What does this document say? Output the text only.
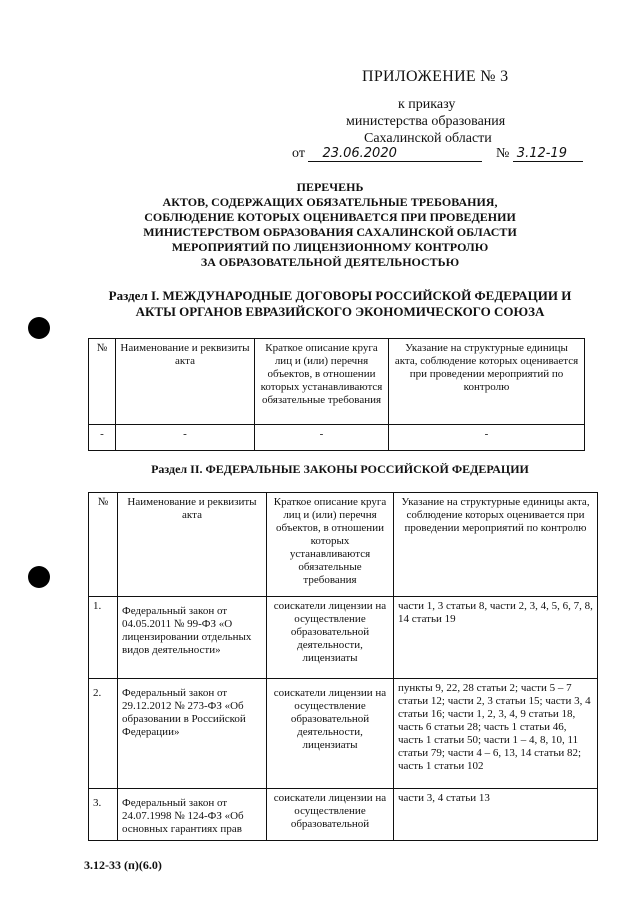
ПРИЛОЖЕНИЕ № 3
к приказу
министерства образования
Сахалинской области
от 23.06.2020	№ 3.12-19
ПЕРЕЧЕНЬ
АКТОВ, СОДЕРЖАЩИХ ОБЯЗАТЕЛЬНЫЕ ТРЕБОВАНИЯ,
СОБЛЮДЕНИЕ КОТОРЫХ ОЦЕНИВАЕТСЯ ПРИ ПРОВЕДЕНИИ
МИНИСТЕРСТВОМ ОБРАЗОВАНИЯ САХАЛИНСКОЙ ОБЛАСТИ
МЕРОПРИЯТИЙ ПО ЛИЦЕНЗИОННОМУ КОНТРОЛЮ
ЗА ОБРАЗОВАТЕЛЬНОЙ ДЕЯТЕЛЬНОСТЬЮ
Раздел I. МЕЖДУНАРОДНЫЕ ДОГОВОРЫ РОССИЙСКОЙ ФЕДЕРАЦИИ И
АКТЫ ОРГАНОВ ЕВРАЗИЙСКОГО ЭКОНОМИЧЕСКОГО СОЮЗА
№	Наименование и реквизиты акта	Краткое описание круга лиц и (или) перечня объектов, в отношении которых устанавливаются обязательные требования	Указание на структурные единицы акта, соблюдение которых оценивается при проведении мероприятий по контролю
-	-	-	-
Раздел II. ФЕДЕРАЛЬНЫЕ ЗАКОНЫ РОССИЙСКОЙ ФЕДЕРАЦИИ
№	Наименование и реквизиты акта	Краткое описание круга лиц и (или) перечня объектов, в отношении которых устанавливаются обязательные требования	Указание на структурные единицы акта, соблюдение которых оценивается при проведении мероприятий по контролю
1.	Федеральный закон от 04.05.2011 № 99-ФЗ «О лицензировании отдельных видов деятельности»	соискатели лицензии на осуществление образовательной деятельности, лицензиаты	части 1, 3 статьи 8, части 2, 3, 4, 5, 6, 7, 8, 14 статьи 19
2.	Федеральный закон от 29.12.2012 № 273-ФЗ «Об образовании в Российской Федерации»	соискатели лицензии на осуществление образовательной деятельности, лицензиаты	пункты 9, 22, 28 статьи 2; части 5 – 7 статьи 12; части 2, 3 статьи 15; части 3, 4 статьи 16; части 1, 2, 3, 4, 9 статьи 18, часть 6 статьи 28; часть 1 статьи 46, часть 1 статьи 50; части 1 – 4, 8, 10, 11 статьи 79; части 4 – 6, 13, 14 статьи 82; часть 1 статьи 102
3.	Федеральный закон от 24.07.1998 № 124-ФЗ «Об основных гарантиях прав	соискатели лицензии на осуществление образовательной	части 3, 4 статьи 13
3.12-33 (п)(6.0)
